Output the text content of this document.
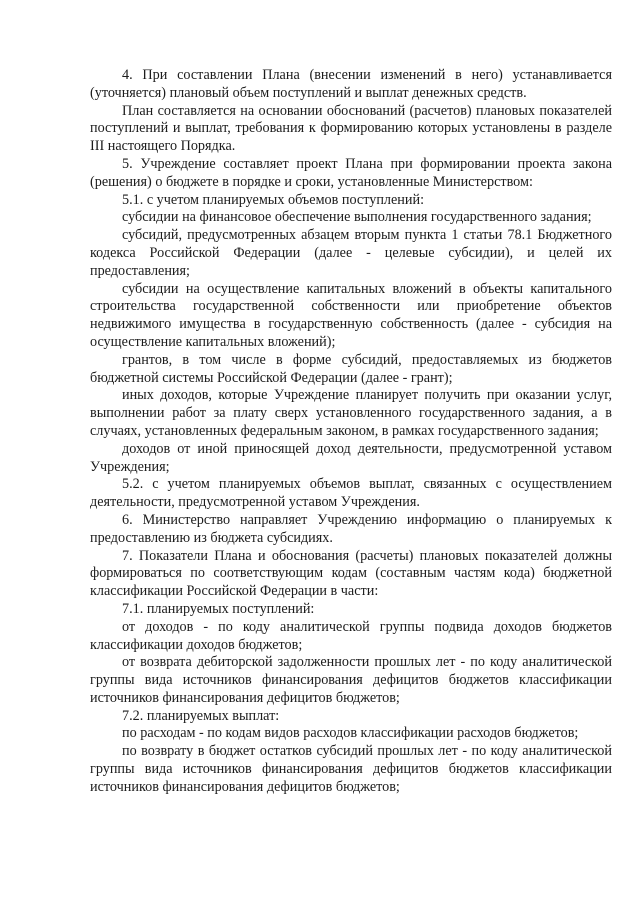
4. При составлении Плана (внесении изменений в него) устанавливается (уточняется) плановый объем поступлений и выплат денежных средств.

План составляется на основании обоснований (расчетов) плановых показателей поступлений и выплат, требования к формированию которых установлены в разделе III настоящего Порядка.

5. Учреждение составляет проект Плана при формировании проекта закона (решения) о бюджете в порядке и сроки, установленные Министерством:

5.1. с учетом планируемых объемов поступлений:

субсидии на финансовое обеспечение выполнения государственного задания;

субсидий, предусмотренных абзацем вторым пункта 1 статьи 78.1 Бюджетного кодекса Российской Федерации (далее - целевые субсидии), и целей их предоставления;

субсидии на осуществление капитальных вложений в объекты капитального строительства государственной собственности или приобретение объектов недвижимого имущества в государственную собственность (далее - субсидия на осуществление капитальных вложений);

грантов, в том числе в форме субсидий, предоставляемых из бюджетов бюджетной системы Российской Федерации (далее - грант);

иных доходов, которые Учреждение планирует получить при оказании услуг, выполнении работ за плату сверх установленного государственного задания, а в случаях, установленных федеральным законом, в рамках государственного задания;

доходов от иной приносящей доход деятельности, предусмотренной уставом Учреждения;

5.2. с учетом планируемых объемов выплат, связанных с осуществлением деятельности, предусмотренной уставом Учреждения.

6. Министерство направляет Учреждению информацию о планируемых к предоставлению из бюджета субсидиях.

7. Показатели Плана и обоснования (расчеты) плановых показателей должны формироваться по соответствующим кодам (составным частям кода) бюджетной классификации Российской Федерации в части:

7.1. планируемых поступлений:

от доходов - по коду аналитической группы подвида доходов бюджетов классификации доходов бюджетов;

от возврата дебиторской задолженности прошлых лет - по коду аналитической группы вида источников финансирования дефицитов бюджетов классификации источников финансирования дефицитов бюджетов;

7.2. планируемых выплат:

по расходам - по кодам видов расходов классификации расходов бюджетов;

по возврату в бюджет остатков субсидий прошлых лет - по коду аналитической группы вида источников финансирования дефицитов бюджетов классификации источников финансирования дефицитов бюджетов;
